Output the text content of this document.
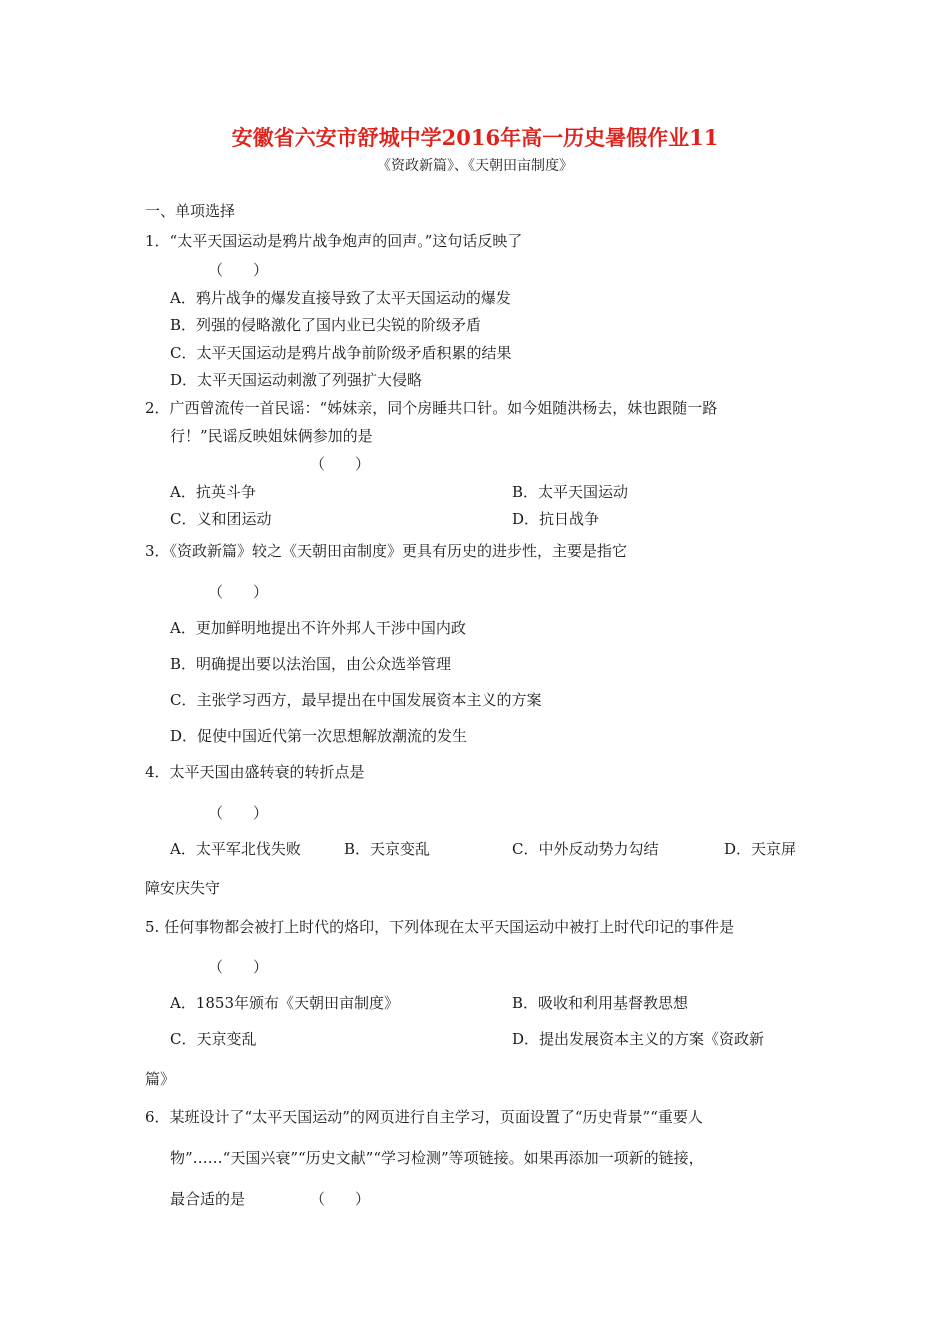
安徽省六安市舒城中学2016年高一历史暑假作业11
《资政新篇》、《天朝田亩制度》
一、单项选择
1．“太平天国运动是鸦片战争炮声的回声。”这句话反映了
（　　）
A．鸦片战争的爆发直接导致了太平天国运动的爆发
B．列强的侵略激化了国内业已尖锐的阶级矛盾
C．太平天国运动是鸦片战争前阶级矛盾积累的结果
D．太平天国运动刺激了列强扩大侵略
2．广西曾流传一首民谣：“姊妹亲，同个房睡共口针。如今姐随洪杨去，妹也跟随一路
行！”民谣反映姐妹俩参加的是
（　　）
A．抗英斗争	B．太平天国运动
C．义和团运动	D．抗日战争
3．《资政新篇》较之《天朝田亩制度》更具有历史的进步性，主要是指它
（　　）
A．更加鲜明地提出不许外邦人干涉中国内政
B．明确提出要以法治国，由公众选举管理
C．主张学习西方，最早提出在中国发展资本主义的方案
D．促使中国近代第一次思想解放潮流的发生
4．太平天国由盛转衰的转折点是
（　　）
A．太平军北伐失败	B．天京变乱	C．中外反动势力勾结	D．天京屏
障安庆失守
5. 任何事物都会被打上时代的烙印，下列体现在太平天国运动中被打上时代印记的事件是
（　　）
A．1853年颁布《天朝田亩制度》	B．吸收和利用基督教思想
C．天京变乱	D．提出发展资本主义的方案《资政新
篇》
6．某班设计了“太平天国运动”的网页进行自主学习，页面设置了“历史背景”“重要人
物”……“天国兴衰”“历史文献”“学习检测”等项链接。如果再添加一项新的链接，
最合适的是	（　　）
